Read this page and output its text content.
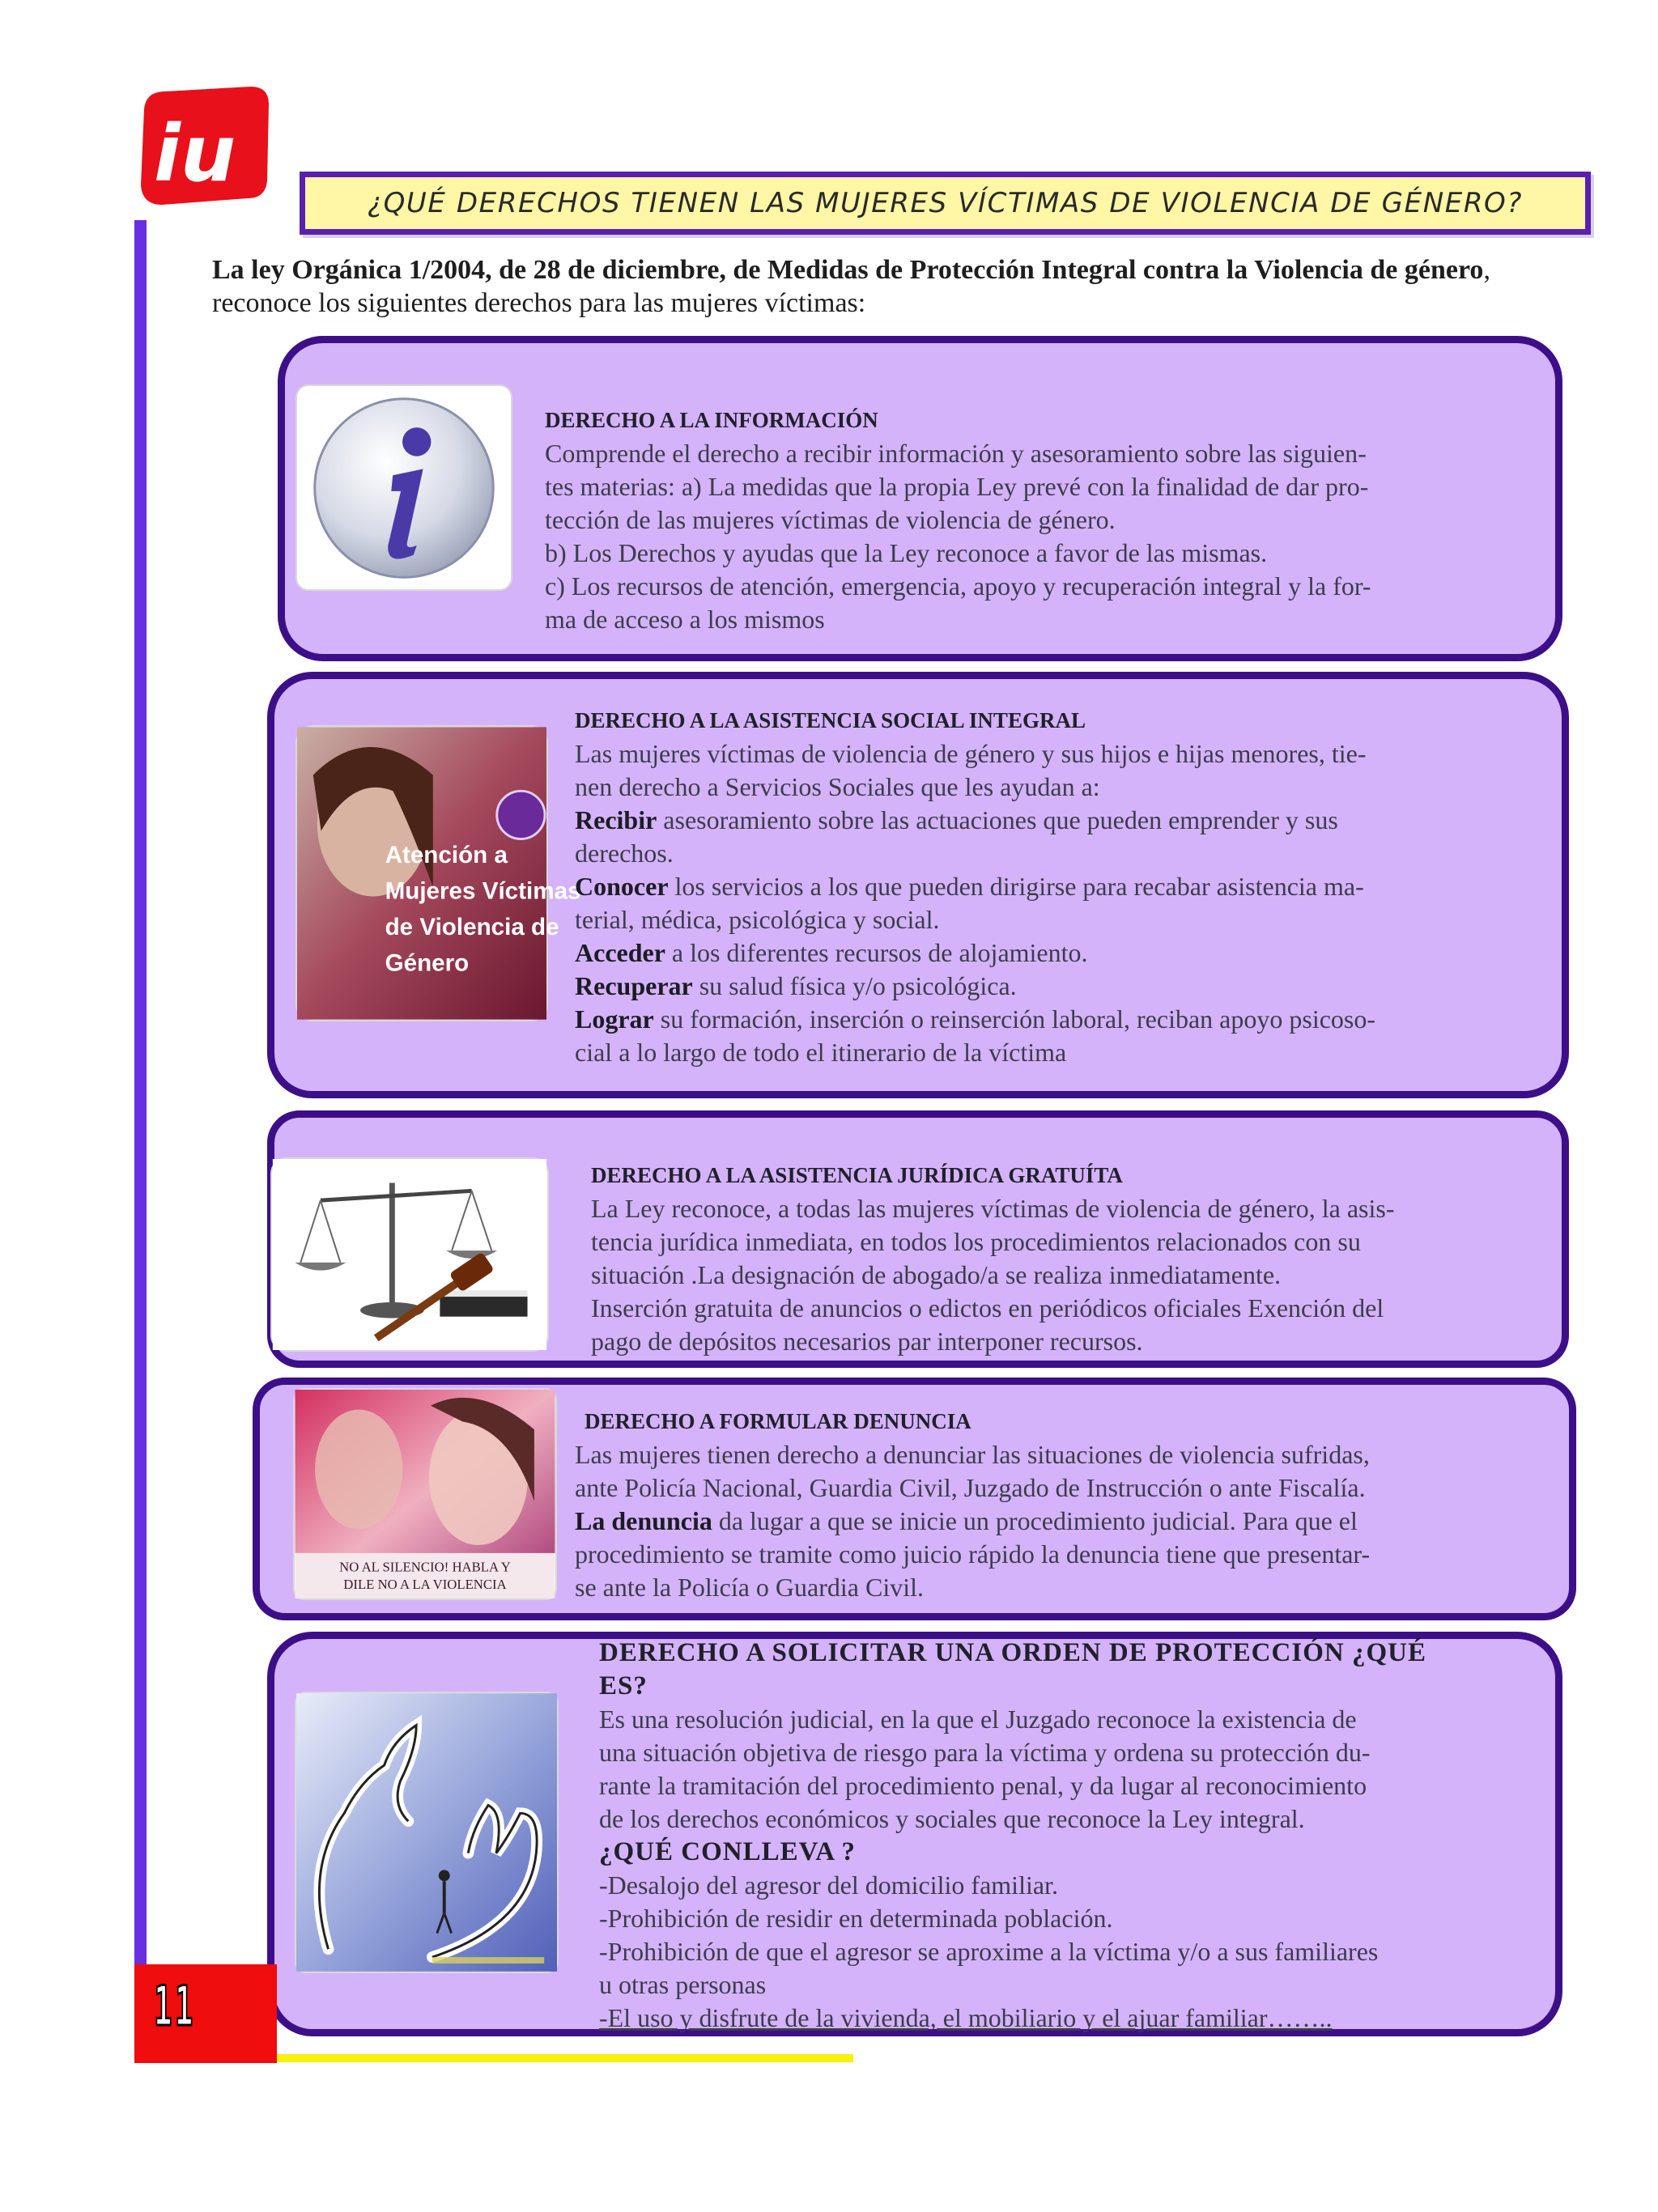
iu
¿QUÉ DERECHOS TIENEN LAS MUJERES VÍCTIMAS DE VIOLENCIA DE GÉNERO?
La ley Orgánica 1/2004, de 28 de diciembre, de Medidas de Protección Integral contra la Violencia de género, reconoce los siguientes derechos para las mujeres víctimas:
DERECHO A LA INFORMACIÓN
Comprende el derecho a recibir información y asesoramiento sobre las siguien-
tes materias: a) La medidas que la propia Ley prevé con la finalidad de dar pro-
tección de las mujeres víctimas de violencia de género.
b) Los Derechos y ayudas que la Ley reconoce a favor de las mismas.
c) Los recursos de atención, emergencia, apoyo y recuperación integral y la for-
ma de acceso a los mismos
Atención a
Mujeres Víctimas
de Violencia de
Género
DERECHO A LA ASISTENCIA SOCIAL INTEGRAL
Las mujeres víctimas de violencia de género y sus hijos e hijas menores, tie-
nen derecho a Servicios Sociales que les ayudan a:
Recibir asesoramiento sobre las actuaciones que pueden emprender y sus
derechos.
Conocer los servicios a los que pueden dirigirse para recabar asistencia ma-
terial, médica, psicológica y social.
Acceder a los diferentes recursos de alojamiento.
Recuperar su salud física y/o psicológica.
Lograr su formación, inserción o reinserción laboral, reciban apoyo psicoso-
cial a lo largo de todo el itinerario de la víctima
DERECHO A LA ASISTENCIA JURÍDICA GRATUÍTA
La Ley reconoce, a todas las mujeres víctimas de violencia de género, la asis-
tencia jurídica inmediata, en todos los procedimientos relacionados con su
situación .La designación de abogado/a se realiza inmediatamente.
Inserción gratuita de anuncios o edictos en periódicos oficiales Exención del
pago de depósitos necesarios par interponer recursos.
NO AL SILENCIO! HABLA Y
DILE NO A LA VIOLENCIA
DERECHO A FORMULAR DENUNCIA
Las mujeres tienen derecho a denunciar las situaciones de violencia sufridas,
ante Policía Nacional, Guardia Civil, Juzgado de Instrucción o ante Fiscalía.
La denuncia da lugar a que se inicie un procedimiento judicial. Para que el
procedimiento se tramite como juicio rápido la denuncia tiene que presentar-
se ante la Policía o Guardia Civil.
DERECHO A SOLICITAR UNA ORDEN DE PROTECCIÓN ¿QUÉ
ES?
Es una resolución judicial, en la que el Juzgado reconoce la existencia de
una situación objetiva de riesgo para la víctima y ordena su protección du-
rante la tramitación del procedimiento penal, y da lugar al reconocimiento
de los derechos económicos y sociales que reconoce la Ley integral.
¿QUÉ CONLLEVA ?
-Desalojo del agresor del domicilio familiar.
-Prohibición de residir en determinada población.
-Prohibición de que el agresor se aproxime a la víctima y/o a sus familiares
u otras personas
-El uso y disfrute de la vivienda, el mobiliario y el ajuar familiar……..
11
